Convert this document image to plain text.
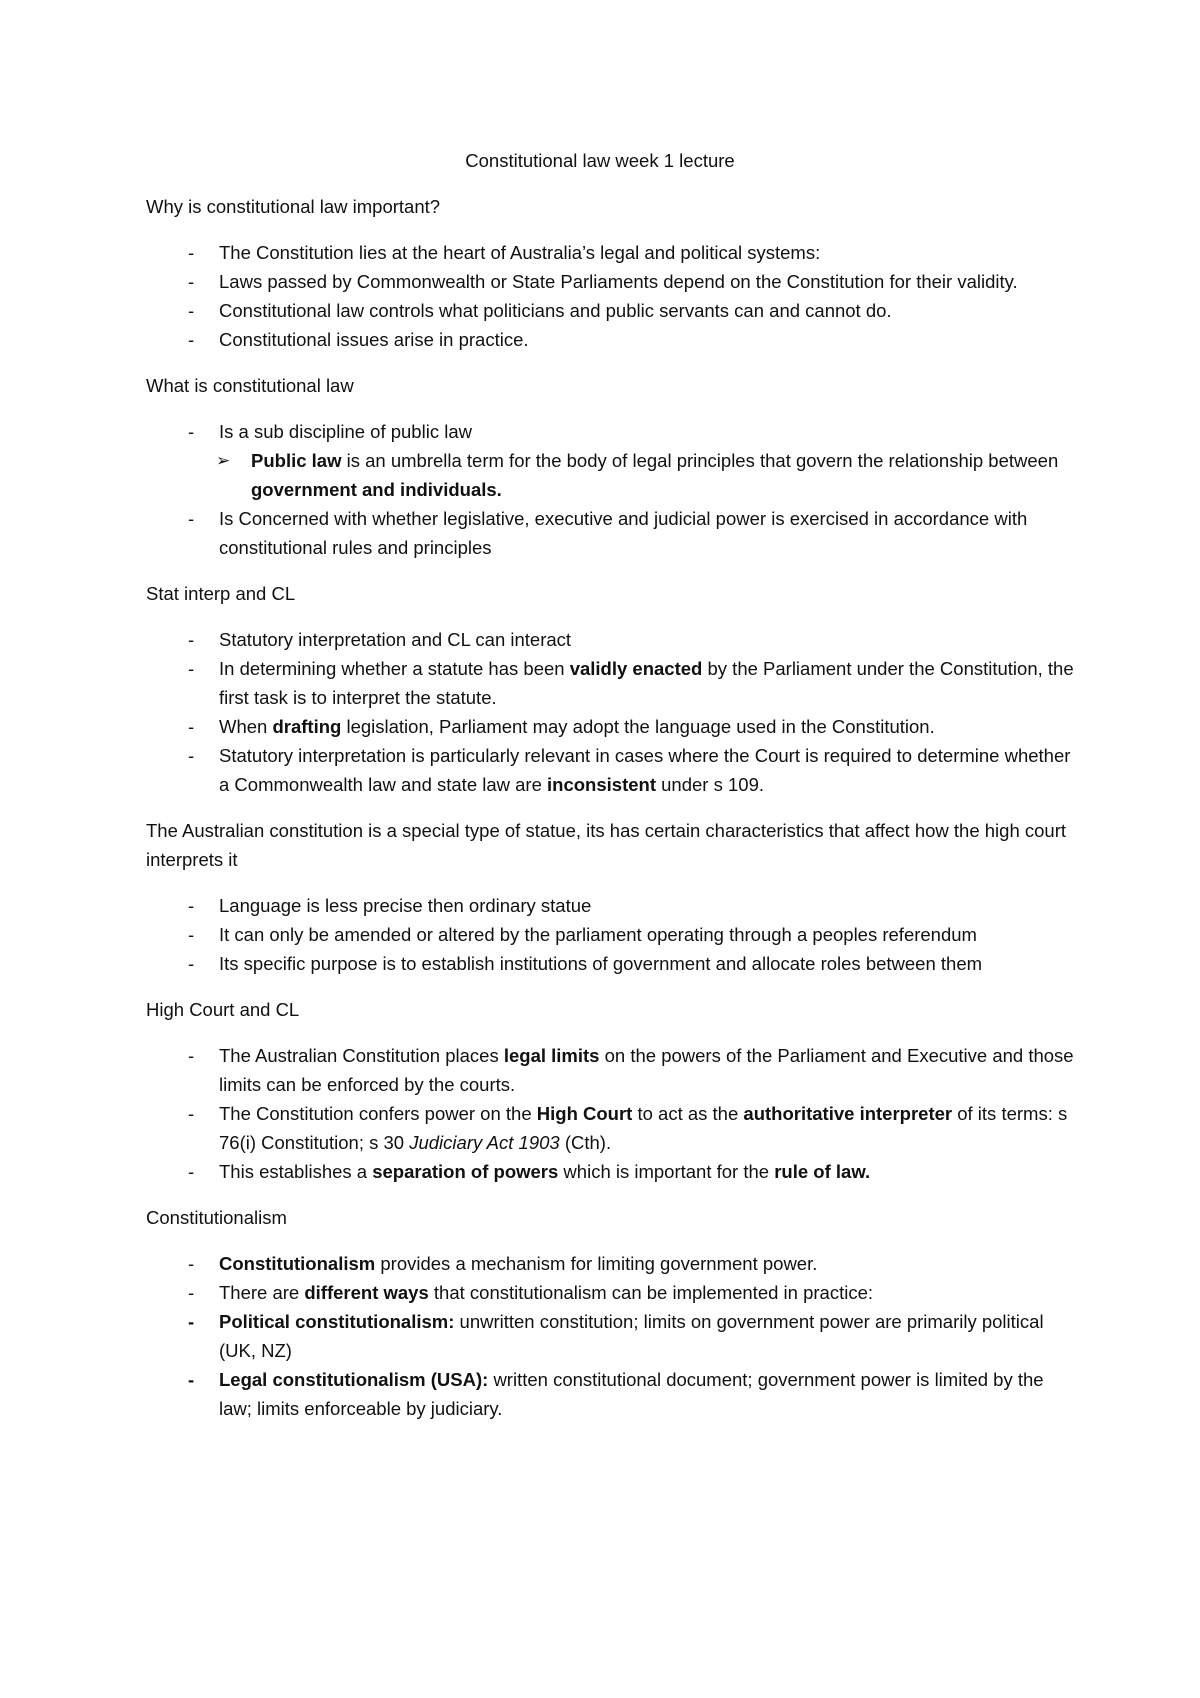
Constitutional law week 1 lecture

Why is constitutional law important?

- The Constitution lies at the heart of Australia’s legal and political systems:
- Laws passed by Commonwealth or State Parliaments depend on the Constitution for their validity.
- Constitutional law controls what politicians and public servants can and cannot do.
- Constitutional issues arise in practice.

What is constitutional law

- Is a sub discipline of public law
➢	Public law is an umbrella term for the body of legal principles that govern the relationship between government and individuals.
- Is Concerned with whether legislative, executive and judicial power is exercised in accordance with constitutional rules and principles

Stat interp and CL

- Statutory interpretation and CL can interact
- In determining whether a statute has been validly enacted by the Parliament under the Constitution, the first task is to interpret the statute.
- When drafting legislation, Parliament may adopt the language used in the Constitution.
- Statutory interpretation is particularly relevant in cases where the Court is required to determine whether a Commonwealth law and state law are inconsistent under s 109.

The Australian constitution is a special type of statue, its has certain characteristics that affect how the high court interprets it

- Language is less precise then ordinary statue
- It can only be amended or altered by the parliament operating through a peoples referendum
- Its specific purpose is to establish institutions of government and allocate roles between them

High Court and CL

- The Australian Constitution places legal limits on the powers of the Parliament and Executive and those limits can be enforced by the courts.
- The Constitution confers power on the High Court to act as the authoritative interpreter of its terms: s 76(i) Constitution; s 30 Judiciary Act 1903 (Cth).
- This establishes a separation of powers which is important for the rule of law.

Constitutionalism

- Constitutionalism provides a mechanism for limiting government power.
- There are different ways that constitutionalism can be implemented in practice:
- Political constitutionalism: unwritten constitution; limits on government power are primarily political (UK, NZ)
- Legal constitutionalism (USA): written constitutional document; government power is limited by the law; limits enforceable by judiciary.
